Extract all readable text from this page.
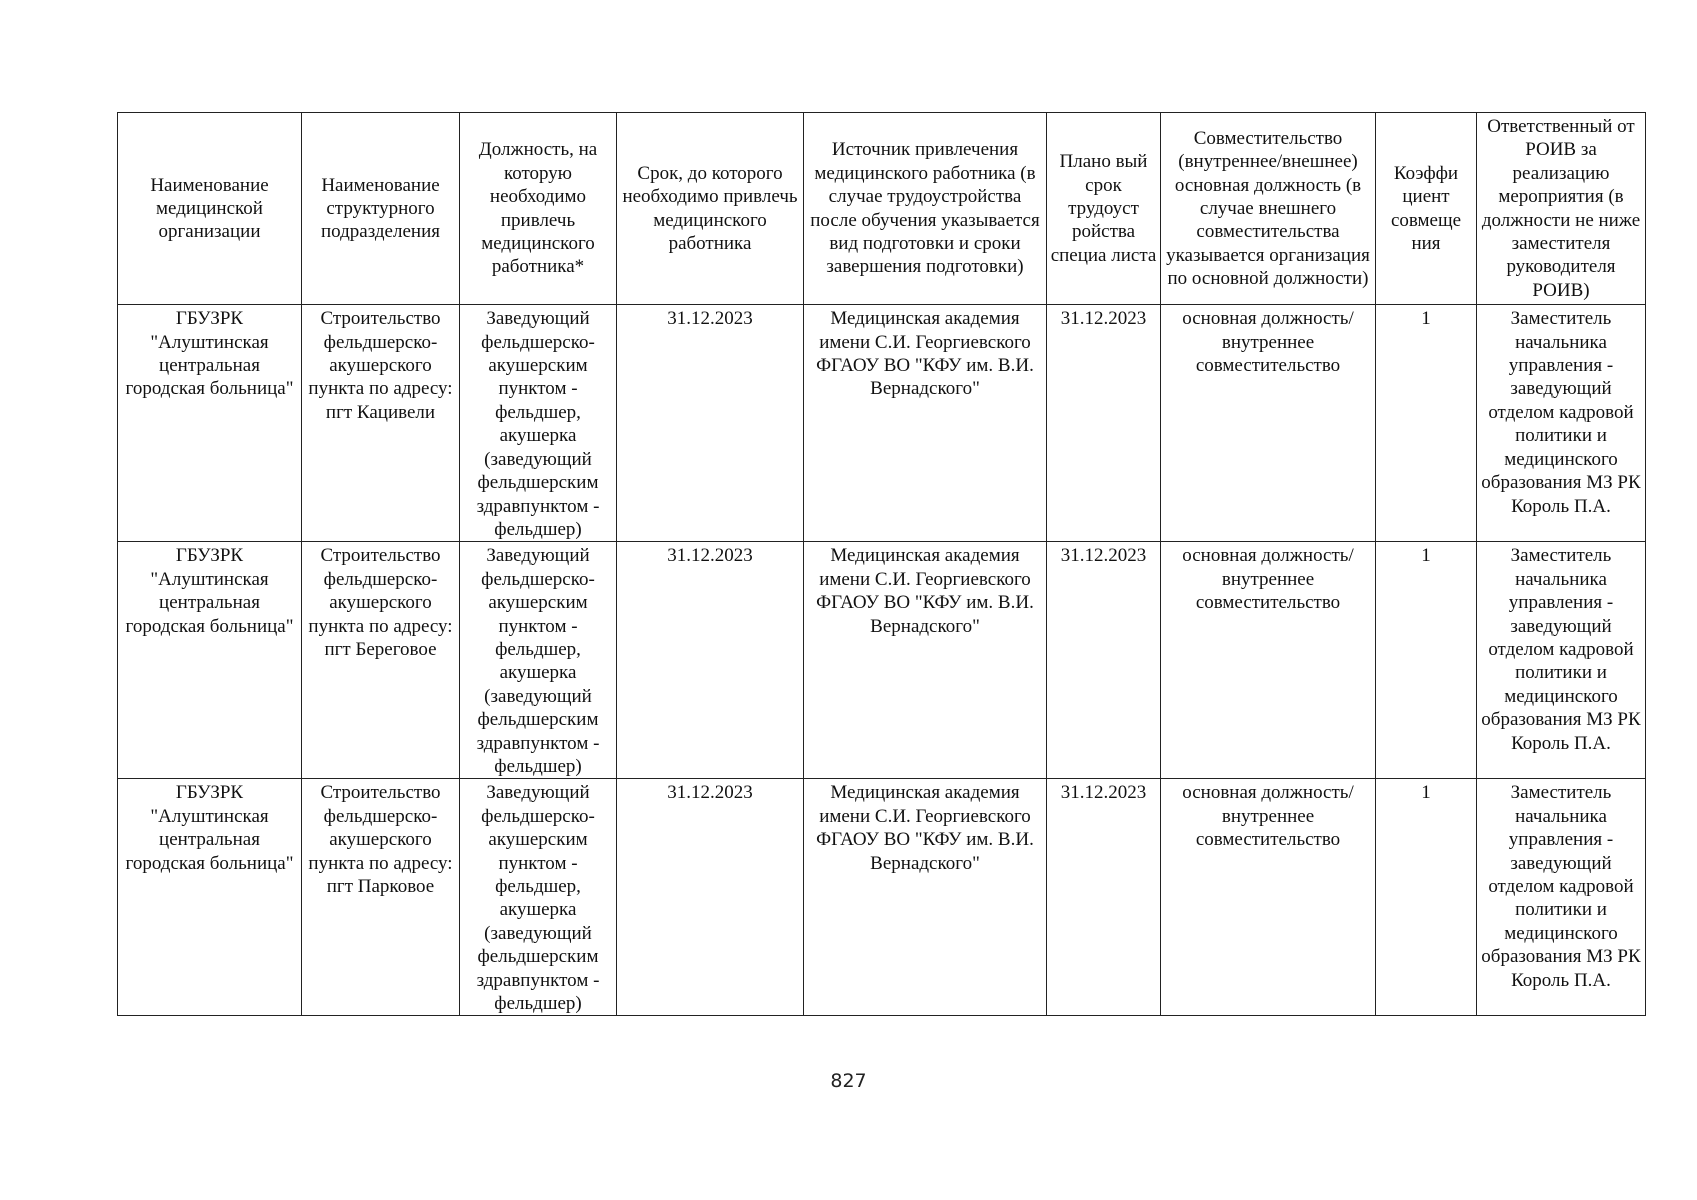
Наименование медицинской организации	Наименование структурного подразделения	Должность, на которую необходимо привлечь медицинского работника*	Срок, до которого необходимо привлечь медицинского работника	Источник привлечения медицинского работника (в случае трудоустройства после обучения указывается вид подготовки и сроки завершения подготовки)	Плано вый срок трудоуст ройства специа листа	Совместительство (внутреннее/внешнее) основная должность (в случае внешнего совместительства указывается организация по основной должности)	Коэффи циент совмеще ния	Ответственный от РОИВ за реализацию мероприятия (в должности не ниже заместителя руководителя РОИВ)
ГБУЗРК "Алуштинская центральная городская больница"	Строительство фельдшерско-акушерского пункта по адресу: пгт Кацивели	Заведующий фельдшерско-акушерским пунктом - фельдшер, акушерка (заведующий фельдшерским здравпунктом - фельдшер)	31.12.2023	Медицинская академия имени С.И. Георгиевского ФГАОУ ВО "КФУ им. В.И. Вернадского"	31.12.2023	основная должность/ внутреннее совместительство	1	Заместитель начальника управления - заведующий отделом кадровой политики и медицинского образования МЗ РК Король П.А.
ГБУЗРК "Алуштинская центральная городская больница"	Строительство фельдшерско-акушерского пункта по адресу: пгт Береговое	Заведующий фельдшерско-акушерским пунктом - фельдшер, акушерка (заведующий фельдшерским здравпунктом - фельдшер)	31.12.2023	Медицинская академия имени С.И. Георгиевского ФГАОУ ВО "КФУ им. В.И. Вернадского"	31.12.2023	основная должность/ внутреннее совместительство	1	Заместитель начальника управления - заведующий отделом кадровой политики и медицинского образования МЗ РК Король П.А.
ГБУЗРК "Алуштинская центральная городская больница"	Строительство фельдшерско-акушерского пункта по адресу: пгт Парковое	Заведующий фельдшерско-акушерским пунктом - фельдшер, акушерка (заведующий фельдшерским здравпунктом - фельдшер)	31.12.2023	Медицинская академия имени С.И. Георгиевского ФГАОУ ВО "КФУ им. В.И. Вернадского"	31.12.2023	основная должность/ внутреннее совместительство	1	Заместитель начальника управления - заведующий отделом кадровой политики и медицинского образования МЗ РК Король П.А.
827
